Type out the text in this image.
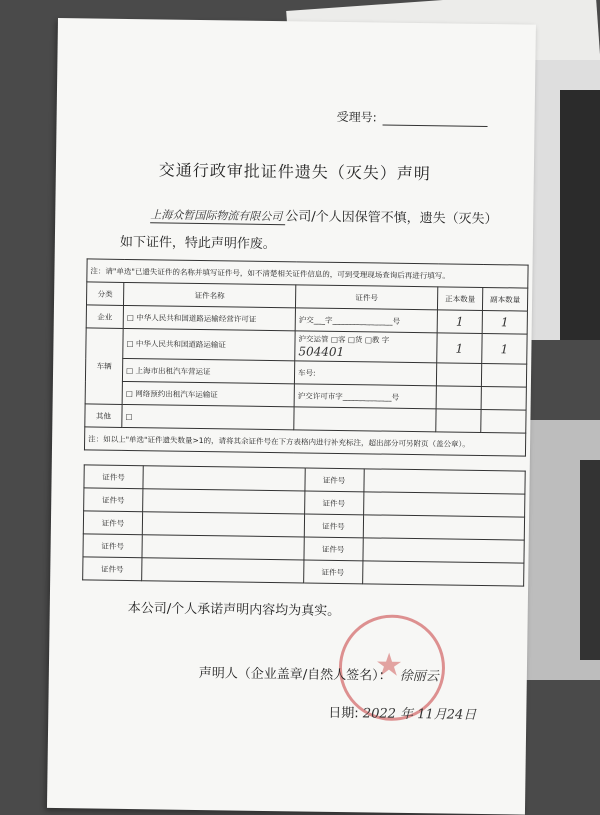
受理号:
交通行政审批证件遗失（灭失）声明
上海众暂国际物流有限公司 公司/个人因保管不慎，遗失（灭失）
如下证件，特此声明作废。
注：请"单选"已遗失证件的名称并填写证件号，如不清楚相关证件信息的，可到受理现场查询后再进行填写。				
分类	证件名称	证件号	正本数量	副本数量
企业	□ 中华人民共和国道路运输经营许可证	沪交___字________________号	1	1
车辆	□ 中华人民共和国道路运输证	沪交运管 □客 □货 □教 字504401	1	1
	□ 上海市出租汽车营运证	车号:		
	□ 网络预约出租汽车运输证	沪交许可市字_____________号		
其他	□			
注：如以上"单选"证件遗失数量>1的，请将其余证件号在下方表格内进行补充标注，超出部分可另附页（盖公章）。				
证件号		证件号	
证件号		证件号	
证件号		证件号	
证件号		证件号	
证件号		证件号	
本公司/个人承诺声明内容均为真实。
声明人（企业盖章/自然人签名）： 徐丽云
日期: 2022 年 11月24日
